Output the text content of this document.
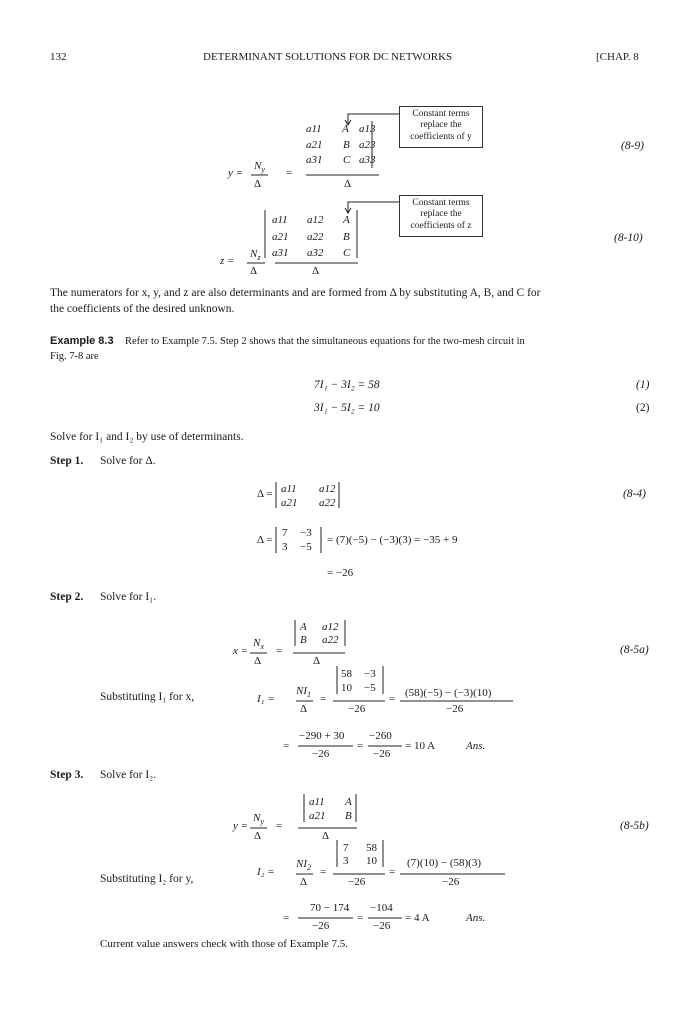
132	DETERMINANT SOLUTIONS FOR DC NETWORKS	[CHAP. 8
a11 A a13
a21 B a23
a31 C a33
Δ
y =
$N_y$
Δ
=
Constant terms
replace the
coefficients of y
(8-9)
a11 a12 A
a21 a22 B
a31 a32 C
z =
$N_z$
Δ	Δ
Constant terms
replace the
coefficients of z
(8-10)
The numerators for x, y, and z are also determinants and are formed from Δ by substituting A, B, and C for
the coefficients of the desired unknown.
Example 8.3 Refer to Example 7.5. Step 2 shows that the simultaneous equations for the two-mesh circuit in
Fig. 7-8 are
7I₁ − 3I₂ = 58	(1)
3I₁ − 5I₂ = 10	(2)
Solve for I₁ and I₂ by use of determinants.
Step 1. Solve for Δ.
Δ = a11 a12
a21 a22
(8-4)
Δ =
7 −3
3 −5
= (7)(−5) − (−3)(3) = −35 + 9
= −26
Step 2. Solve for I₁.
x =
$N_x$
Δ
=
A a12
B a22
Δ
(8-5a)
Substituting I₁ for x,	I₁ =
$NI_1$
Δ
=
58 −3
10 −5
−26
= (58)(−5) − (−3)(10)
−26
=
−290 + 30
−26
=
−260
−26
= 10 A	Ans.
Step 3. Solve for I₂.
y =
$N_y$
Δ
=
a11 A
a21 B
Δ
(8-5b)
Substituting I₂ for y,
I₂ =
$NI_2$
Δ
=
7 58
3 10
−26
=
(7)(10) − (58)(3)
−26
=
70 − 174
−26
=
−104
−26
= 4 A	Ans.
Current value answers check with those of Example 7.5.
